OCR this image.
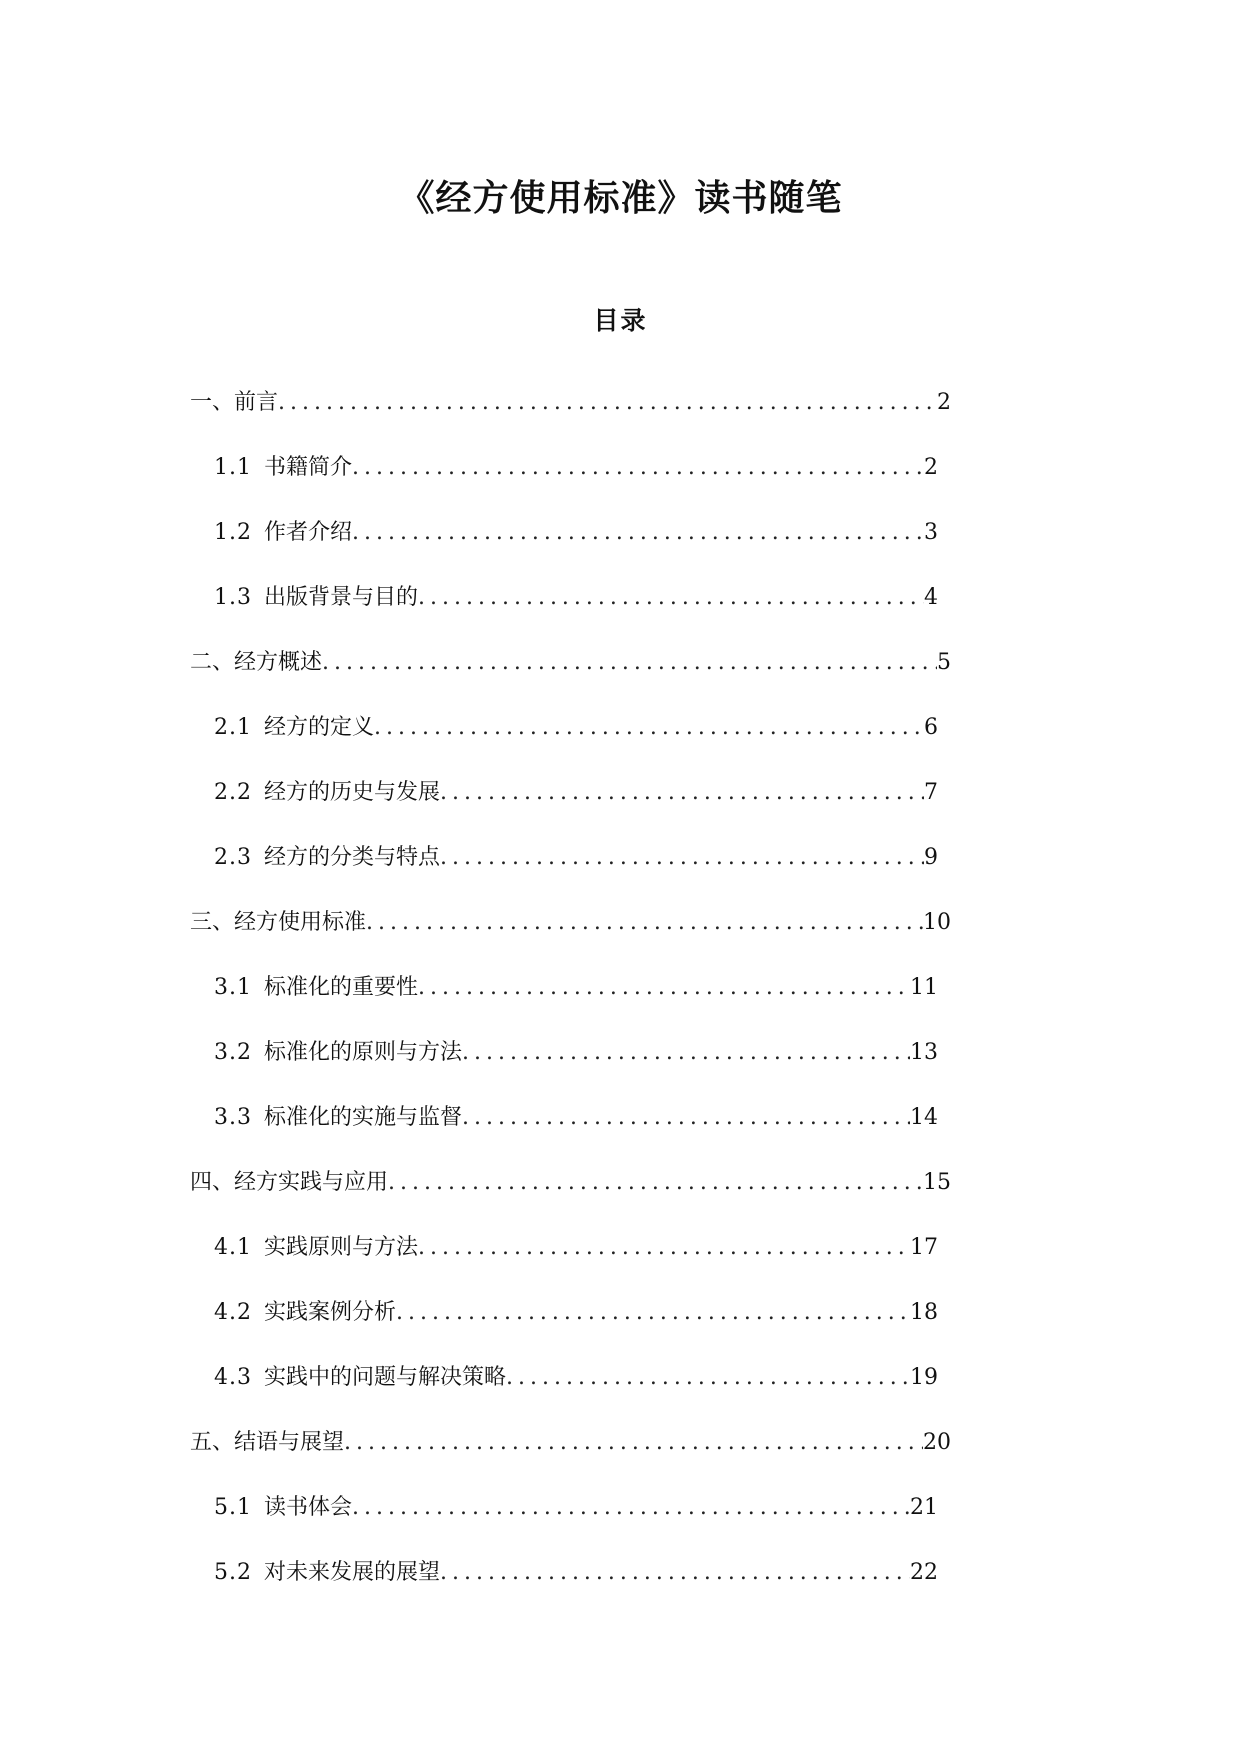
《经方使用标准》读书随笔
目录
一、前言 .....	2
1.1 书籍简介 .....	2
1.2 作者介绍 .....	3
1.3 出版背景与目的 .....	4
二、经方概述 .....	5
2.1 经方的定义 .....	6
2.2 经方的历史与发展 .....	7
2.3 经方的分类与特点 .....	9
三、经方使用标准 .....	10
3.1 标准化的重要性 .....	11
3.2 标准化的原则与方法 .....	13
3.3 标准化的实施与监督 .....	14
四、经方实践与应用 .....	15
4.1 实践原则与方法 .....	17
4.2 实践案例分析 .....	18
4.3 实践中的问题与解决策略 .....	19
五、结语与展望 .....	20
5.1 读书体会 .....	21
5.2 对未来发展的展望 .....	22
